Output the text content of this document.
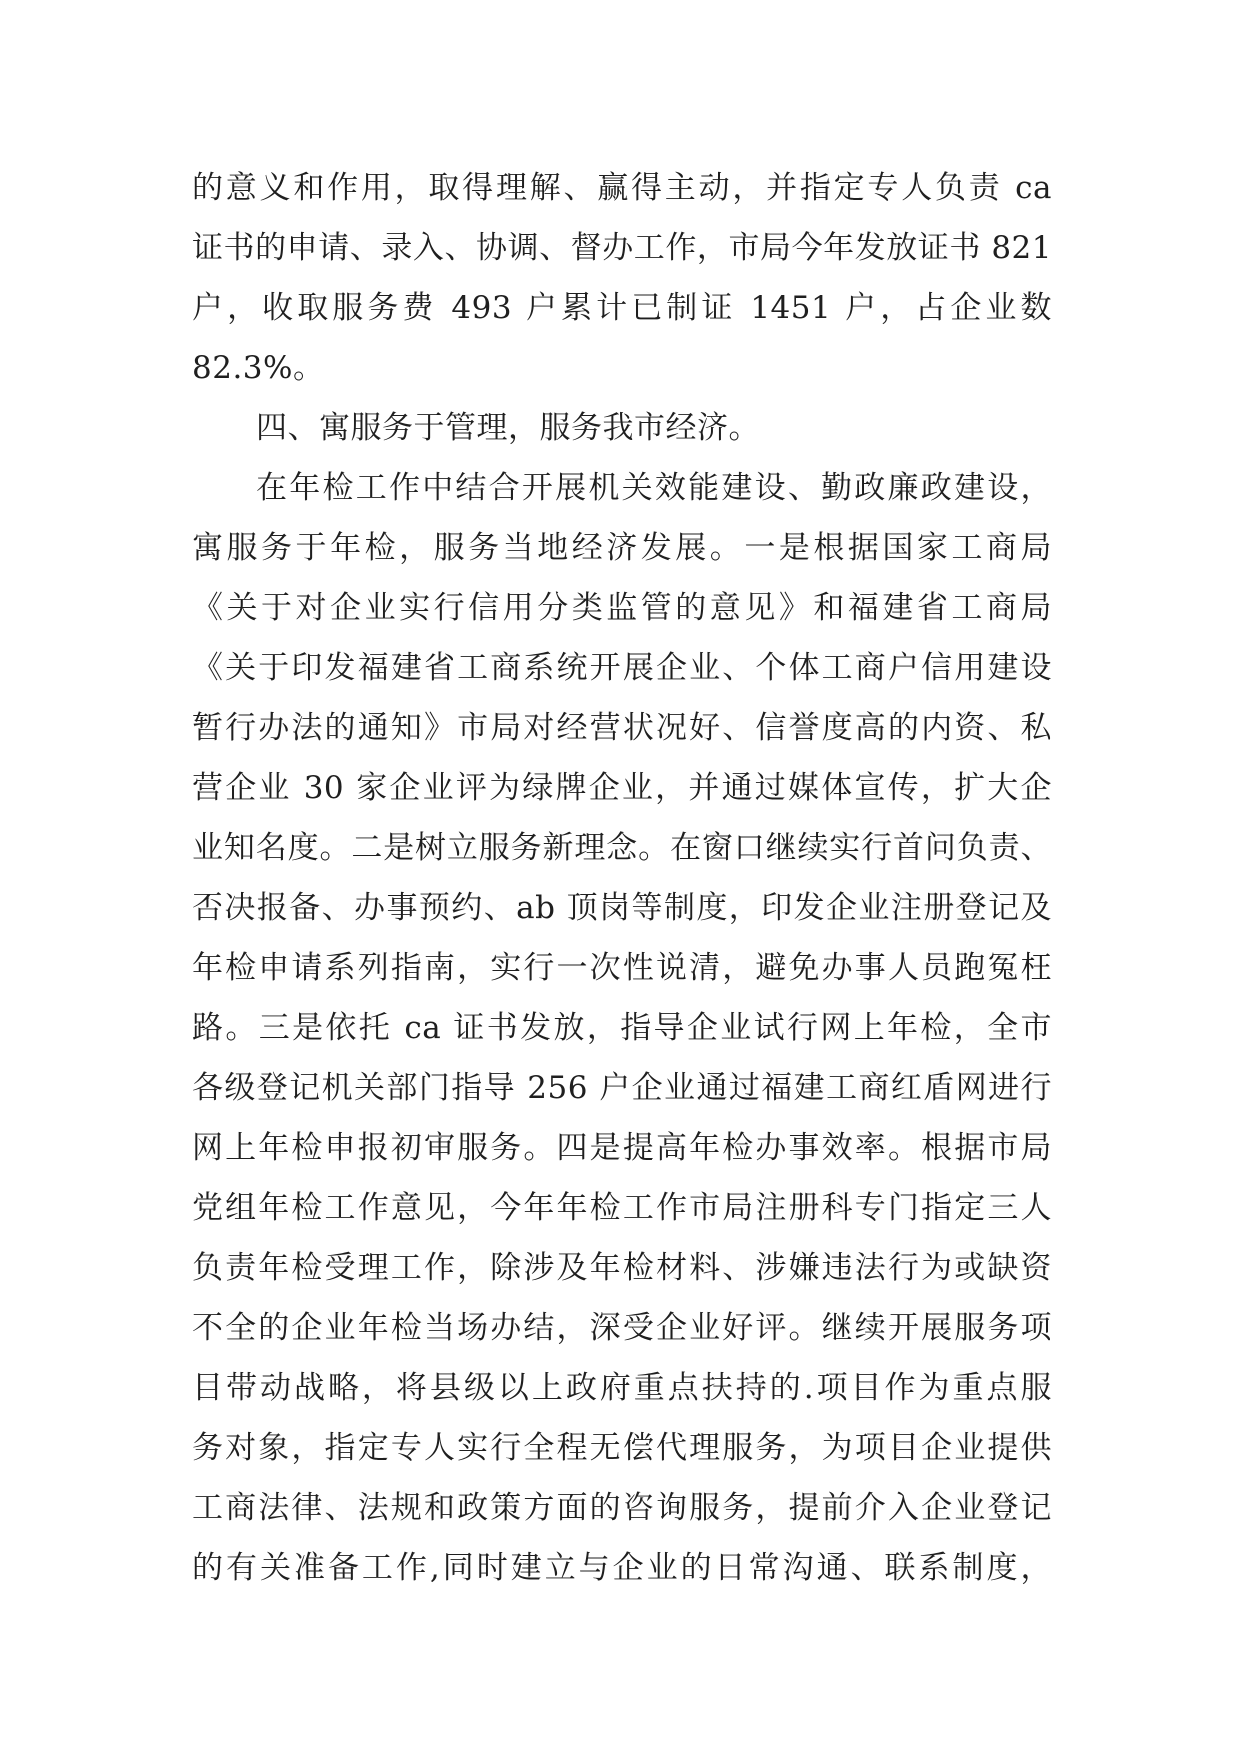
的意义和作用，取得理解、赢得主动，并指定专人负责 ca
证书的申请、录入、协调、督办工作，市局今年发放证书 821
户，收取服务费 493 户累计已制证 1451 户，占企业数
82.3%。
四、寓服务于管理，服务我市经济。
在年检工作中结合开展机关效能建设、勤政廉政建设，
寓服务于年检，服务当地经济发展。一是根据国家工商局
《关于对企业实行信用分类监管的意见》和福建省工商局
《关于印发福建省工商系统开展企业、个体工商户信用建设
暂行办法的通知》市局对经营状况好、信誉度高的内资、私
营企业 30 家企业评为绿牌企业，并通过媒体宣传，扩大企
业知名度。二是树立服务新理念。在窗口继续实行首问负责、
否决报备、办事预约、ab 顶岗等制度，印发企业注册登记及
年检申请系列指南，实行一次性说清，避免办事人员跑冤枉
路。三是依托 ca 证书发放，指导企业试行网上年检，全市
各级登记机关部门指导 256 户企业通过福建工商红盾网进行
网上年检申报初审服务。四是提高年检办事效率。根据市局
党组年检工作意见，今年年检工作市局注册科专门指定三人
负责年检受理工作，除涉及年检材料、涉嫌违法行为或缺资
不全的企业年检当场办结，深受企业好评。继续开展服务项
目带动战略，将县级以上政府重点扶持的.项目作为重点服
务对象，指定专人实行全程无偿代理服务，为项目企业提供
工商法律、法规和政策方面的咨询服务，提前介入企业登记
的有关准备工作,同时建立与企业的日常沟通、联系制度，
